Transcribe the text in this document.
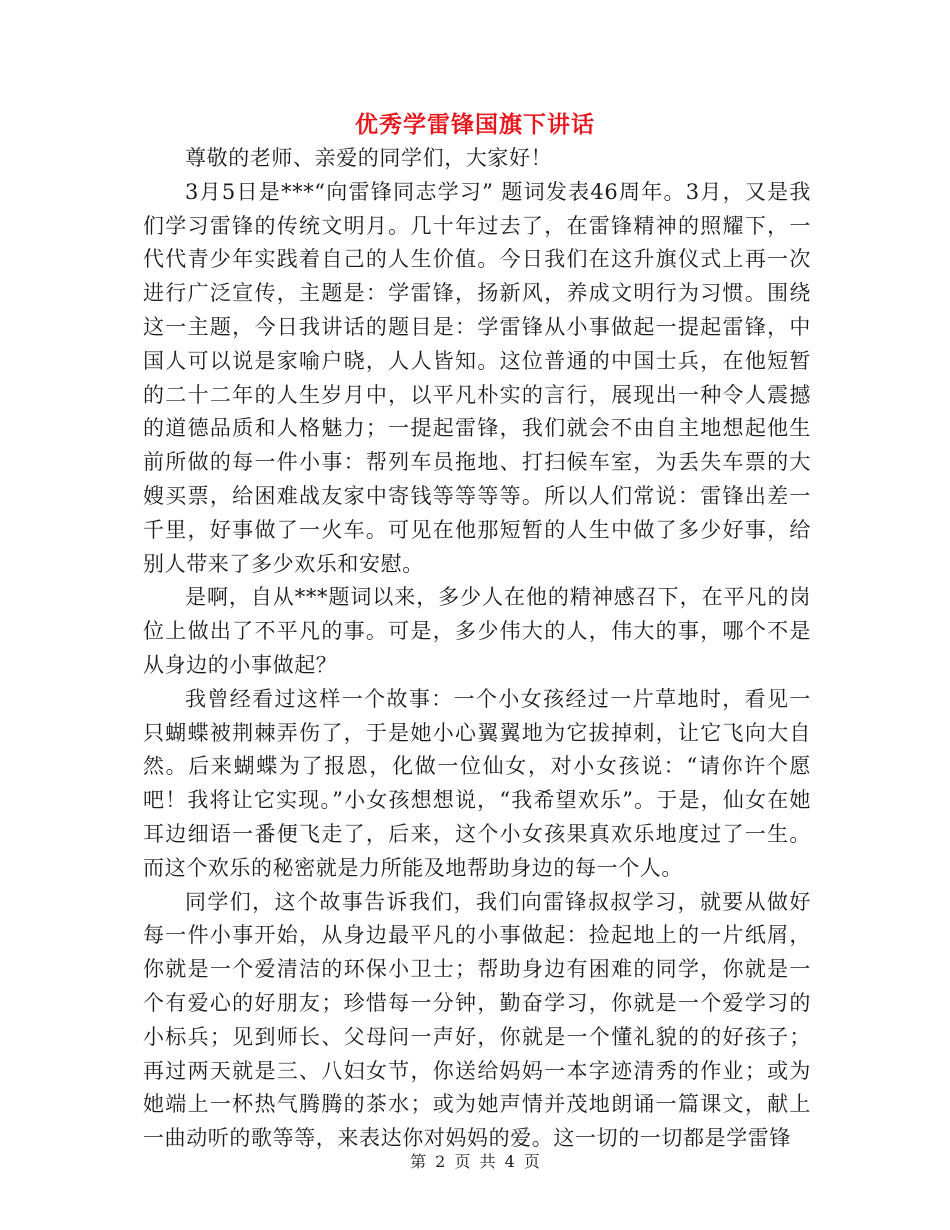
优秀学雷锋国旗下讲话

尊敬的老师、亲爱的同学们，大家好！

3月5日是***“向雷锋同志学习” 题词发表46周年。3月，又是我们学习雷锋的传统文明月。几十年过去了，在雷锋精神的照耀下，一代代青少年实践着自己的人生价值。今日我们在这升旗仪式上再一次进行广泛宣传，主题是：学雷锋，扬新风，养成文明行为习惯。围绕这一主题，今日我讲话的题目是：学雷锋从小事做起一提起雷锋，中国人可以说是家喻户晓，人人皆知。这位普通的中国士兵，在他短暂的二十二年的人生岁月中，以平凡朴实的言行，展现出一种令人震撼的道德品质和人格魅力；一提起雷锋，我们就会不由自主地想起他生前所做的每一件小事：帮列车员拖地、打扫候车室，为丢失车票的大嫂买票，给困难战友家中寄钱等等等等。所以人们常说：雷锋出差一千里，好事做了一火车。可见在他那短暂的人生中做了多少好事，给别人带来了多少欢乐和安慰。

是啊，自从***题词以来，多少人在他的精神感召下，在平凡的岗位上做出了不平凡的事。可是，多少伟大的人，伟大的事，哪个不是从身边的小事做起？

我曾经看过这样一个故事：一个小女孩经过一片草地时，看见一只蝴蝶被荆棘弄伤了，于是她小心翼翼地为它拔掉刺，让它飞向大自然。后来蝴蝶为了报恩，化做一位仙女，对小女孩说：“请你许个愿吧！我将让它实现。”小女孩想想说，“我希望欢乐”。于是，仙女在她耳边细语一番便飞走了，后来，这个小女孩果真欢乐地度过了一生。而这个欢乐的秘密就是力所能及地帮助身边的每一个人。

同学们，这个故事告诉我们，我们向雷锋叔叔学习，就要从做好每一件小事开始，从身边最平凡的小事做起：捡起地上的一片纸屑，你就是一个爱清洁的环保小卫士；帮助身边有困难的同学，你就是一个有爱心的好朋友；珍惜每一分钟，勤奋学习，你就是一个爱学习的小标兵；见到师长、父母问一声好，你就是一个懂礼貌的的好孩子；再过两天就是三、八妇女节，你送给妈妈一本字迹清秀的作业；或为她端上一杯热气腾腾的茶水；或为她声情并茂地朗诵一篇课文，献上一曲动听的歌等等，来表达你对妈妈的爱。这一切的一切都是学雷锋

第 2 页 共 4 页
